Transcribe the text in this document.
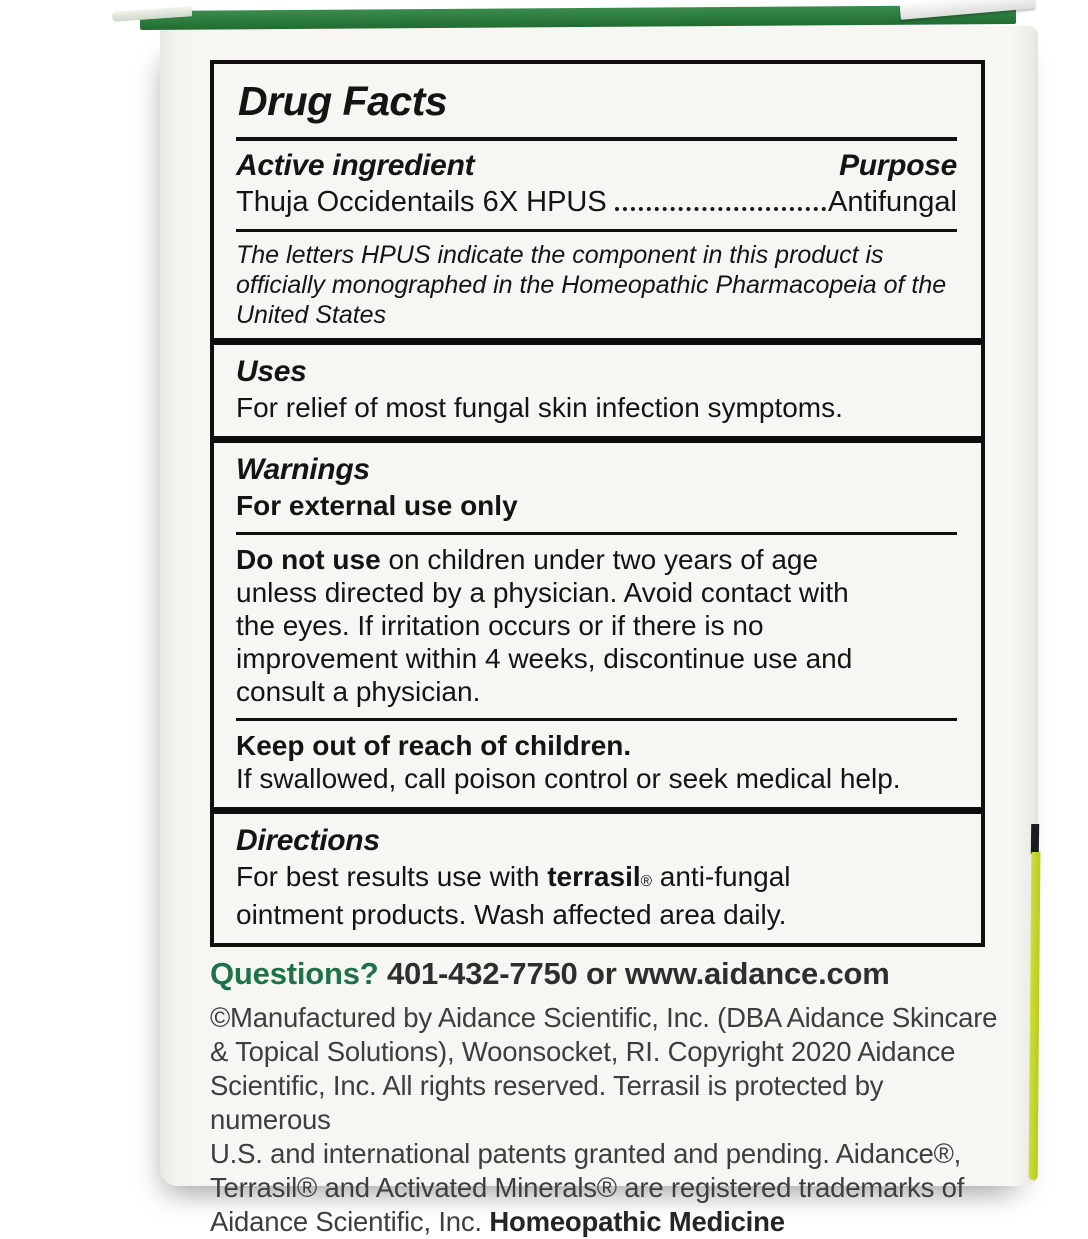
Drug Facts
Active ingredient	Purpose
Thuja Occidentails 6X HPUS	Antifungal
The letters HPUS indicate the component in this product is
officially monographed in the Homeopathic Pharmacopeia of the
United States
Uses
For relief of most fungal skin infection symptoms.
Warnings
For external use only
Do not use on children under two years of age
unless directed by a physician. Avoid contact with
the eyes. If irritation occurs or if there is no
improvement within 4 weeks, discontinue use and
consult a physician.
Keep out of reach of children.
If swallowed, call poison control or seek medical help.
Directions
For best results use with terrasil® anti-fungal
ointment products. Wash affected area daily.
Questions? 401-432-7750 or www.aidance.com
©Manufactured by Aidance Scientific, Inc. (DBA Aidance Skincare
& Topical Solutions), Woonsocket, RI. Copyright 2020 Aidance
Scientific, Inc. All rights reserved. Terrasil is protected by numerous
U.S. and international patents granted and pending. Aidance®,
Terrasil® and Activated Minerals® are registered trademarks of
Aidance Scientific, Inc. Homeopathic Medicine
